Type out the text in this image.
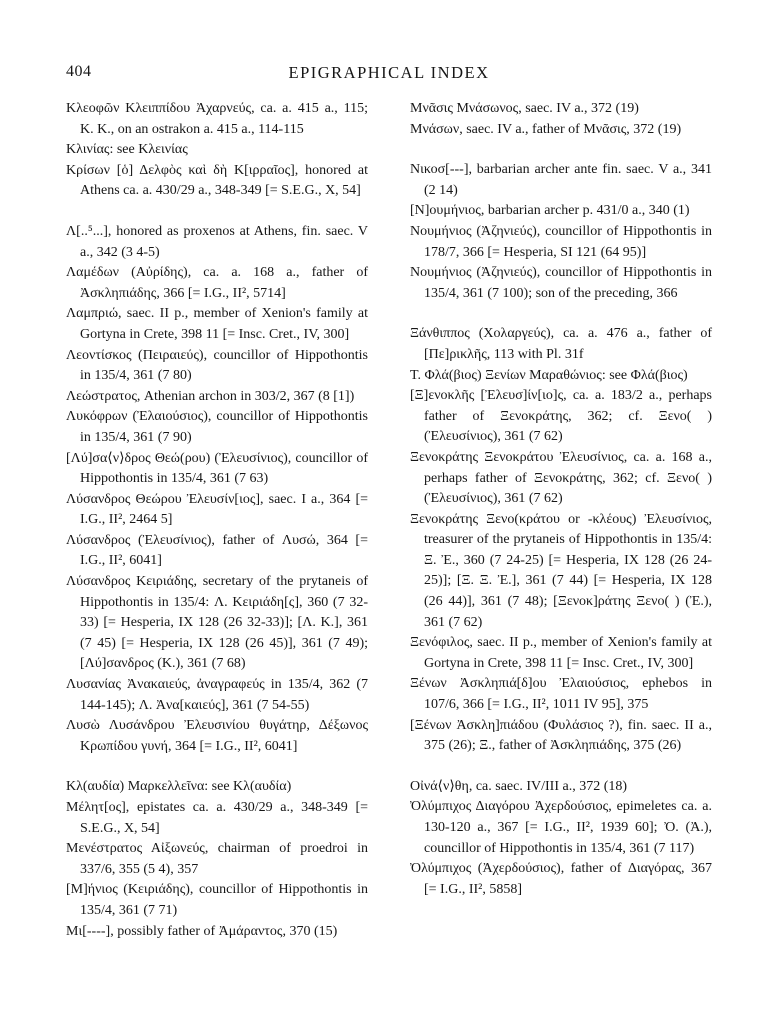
404	EPIGRAPHICAL INDEX

Κλεοφῶν Κλειππίδου Ἀχαρνεύς, ca. a. 415 a., 115; K. K., on an ostrakon a. 415 a., 114-115

Κλινίας: see Κλεινίας

Κρίσων [ὁ] Δελφὸς καὶ δὴ Κ[ιρραῖος], honored at Athens ca. a. 430/29 a., 348-349 [= S.E.G., X, 54]

Λ[..⁵...], honored as proxenos at Athens, fin. saec. V a., 342 (3 4-5)

Λαμέδων (Αὐρίδης), ca. a. 168 a., father of Ἀσκληπιάδης, 366 [= I.G., II², 5714]

Λαμπριώ, saec. II p., member of Xenion's family at Gortyna in Crete, 398 11 [= Insc. Cret., IV, 300]

Λεοντίσκος (Πειραιεύς), councillor of Hippothontis in 135/4, 361 (7 80)

Λεώστρατος, Athenian archon in 303/2, 367 (8 [1])

Λυκόφρων (Ἐλαιούσιος), councillor of Hippothontis in 135/4, 361 (7 90)

[Λύ]σα⟨ν⟩δρος Θεώ(ρου) (Ἐλευσίνιος), councillor of Hippothontis in 135/4, 361 (7 63)

Λύσανδρος Θεώρου Ἐλευσίν[ιος], saec. I a., 364 [= I.G., II², 2464 5]

Λύσανδρος (Ἐλευσίνιος), father of Λυσώ, 364 [= I.G., II², 6041]

Λύσανδρος Κειριάδης, secretary of the prytaneis of Hippothontis in 135/4: Λ. Κειριάδη[ς], 360 (7 32-33) [= Hesperia, IX 128 (26 32-33)]; [Λ. Κ.], 361 (7 45) [= Hesperia, IX 128 (26 45)], 361 (7 49); [Λύ]σανδρος (Κ.), 361 (7 68)

Λυσανίας Ἀνακαιεύς, ἀναγραφεύς in 135/4, 362 (7 144-145); Λ. Ἀνα[καιεύς], 361 (7 54-55)

Λυσὼ Λυσάνδρου Ἐλευσινίου θυγάτηρ, Δέξωνος Κρωπίδου γυνή, 364 [= I.G., II², 6041]

Κλ(αυδία) Μαρκελλεῖνα: see Κλ(αυδία)

Μέλητ[ος], epistates ca. a. 430/29 a., 348-349 [= S.E.G., X, 54]

Μενέστρατος Αἰξωνεύς, chairman of proedroi in 337/6, 355 (5 4), 357

[Μ]ήνιος (Κειριάδης), councillor of Hippothontis in 135/4, 361 (7 71)

Μι[----], possibly father of Ἀμάραντος, 370 (15)

Μνᾶσις Μνάσωνος, saec. IV a., 372 (19)

Μνάσων, saec. IV a., father of Μνᾶσις, 372 (19)

Νικοσ[---], barbarian archer ante fin. saec. V a., 341 (2 14)

[Ν]ουμήνιος, barbarian archer p. 431/0 a., 340 (1)

Νουμήνιος (Ἀζηνιεύς), councillor of Hippothontis in 178/7, 366 [= Hesperia, SI 121 (64 95)]

Νουμήνιος (Ἀζηνιεύς), councillor of Hippothontis in 135/4, 361 (7 100); son of the preceding, 366

Ξάνθιππος (Χολαργεύς), ca. a. 476 a., father of [Πε]ρικλῆς, 113 with Pl. 31f

Τ. Φλά(βιος) Ξενίων Μαραθώνιος: see Φλά(βιος)

[Ξ]ενοκλῆς [Ἐλευσ]ίν[ιο]ς, ca. a. 183/2 a., perhaps father of Ξενοκράτης, 362; cf. Ξενο( ) (Ἐλευσίνιος), 361 (7 62)

Ξενοκράτης Ξενοκράτου Ἐλευσίνιος, ca. a. 168 a., perhaps father of Ξενοκράτης, 362; cf. Ξενο( ) (Ἐλευσίνιος), 361 (7 62)

Ξενοκράτης Ξενο(κράτου or -κλέους) Ἐλευσίνιος, treasurer of the prytaneis of Hippothontis in 135/4: Ξ. Ἐ., 360 (7 24-25) [= Hesperia, IX 128 (26 24-25)]; [Ξ. Ξ. Ἐ.], 361 (7 44) [= Hesperia, IX 128 (26 44)], 361 (7 48); [Ξενοκ]ράτης Ξενο( ) (Ἐ.), 361 (7 62)

Ξενόφιλος, saec. II p., member of Xenion's family at Gortyna in Crete, 398 11 [= Insc. Cret., IV, 300]

Ξένων Ἀσκληπιά[δ]ου Ἐλαιούσιος, ephebos in 107/6, 366 [= I.G., II², 1011 IV 95], 375

[Ξένων Ἀσκλη]πιάδου (Φυλάσιος ?), fin. saec. II a., 375 (26); Ξ., father of Ἀσκληπιάδης, 375 (26)

Οἰνά⟨ν⟩θη, ca. saec. IV/III a., 372 (18)

Ὀλύμπιχος Διαγόρου Ἀχερδούσιος, epimeletes ca. a. 130-120 a., 367 [= I.G., II², 1939 60]; Ὀ. (Ἀ.), councillor of Hippothontis in 135/4, 361 (7 117)

Ὀλύμπιχος (Ἀχερδούσιος), father of Διαγόρας, 367 [= I.G., II², 5858]
